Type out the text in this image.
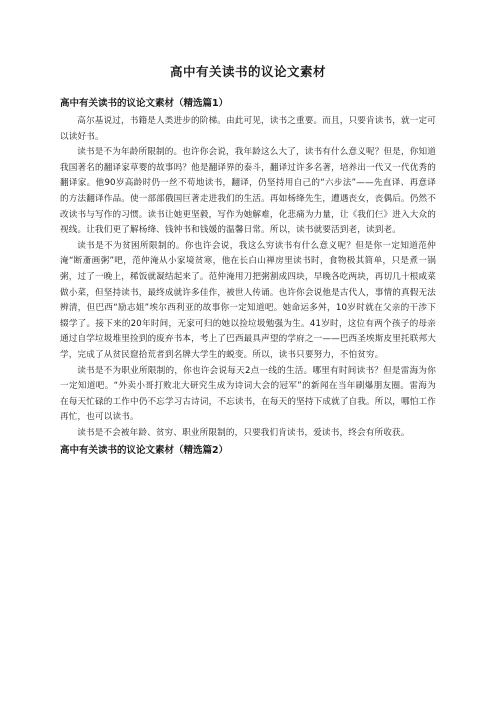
高中有关读书的议论文素材
高中有关读书的议论文素材（精选篇1）

高尔基说过，书籍是人类进步的阶梯。由此可见，读书之重要。而且，只要肯读书，就一定可以读好书。

读书是不为年龄所限制的。也许你会说，我年龄这么大了，读书有什么意义呢？但是，你知道我国著名的翻译家草婴的故事吗？他是翻译界的泰斗，翻译过许多名著，培养出一代又一代优秀的翻译家。他90岁高龄时仍一丝不苟地读书，翻译，仍坚持用自己的“六步法”——先直译、再意译的方法翻译作品。使一部部俄国巨著走进我们的生活。再如杨绛先生，遭遇丧女，丧偶后。仍然不改读书与写作的习惯。读书让她更坚毅，写作为她解难，化悲痛为力量，让《我们仨》进入大众的视线。让我们更了解杨绛、钱钟书和钱媛的温馨日常。所以，读书就要活到老，读到老。

读书是不为贫困所限制的。你也许会说，我这么穷读书有什么意义呢？但是你一定知道范仲淹“断齑画粥”吧，范仲淹从小家境贫寒，他在长白山禅房里读书时，食物极其简单，只是煮一锅粥，过了一晚上，稀饭就凝结起来了。范仲淹用刀把粥割成四块，早晚各吃两块，再切几十根咸菜做小菜，但坚持读书，最终成就许多佳作，被世人传诵。也许你会说他是古代人，事情的真假无法辨清，但巴西“励志姐”埃尔西利亚的故事你一定知道吧。她命运多舛，10岁时就在父亲的干涉下辍学了。接下来的20年时间，无家可归的她以捡垃圾勉强为生。41岁时，这位有两个孩子的母亲通过自学垃圾堆里捡到的废弃书本，考上了巴西最具声望的学府之一——巴西圣埃斯皮里托联邦大学，完成了从贫民窟拾荒者到名牌大学生的蜕变。所以，读书只要努力，不怕贫穷。

读书是不为职业所限制的，你也许会说每天2点一线的生活。哪里有时间读书？但是雷海为你一定知道吧。“外卖小哥打败北大研究生成为诗词大会的冠军”的新闻在当年刷爆朋友圈。雷海为在每天忙碌的工作中仍不忘学习古诗词，不忘读书，在每天的坚持下成就了自我。所以，哪怕工作再忙，也可以读书。

读书是不会被年龄、贫穷、职业所限制的，只要我们肯读书，爱读书，终会有所收获。

高中有关读书的议论文素材（精选篇2）
